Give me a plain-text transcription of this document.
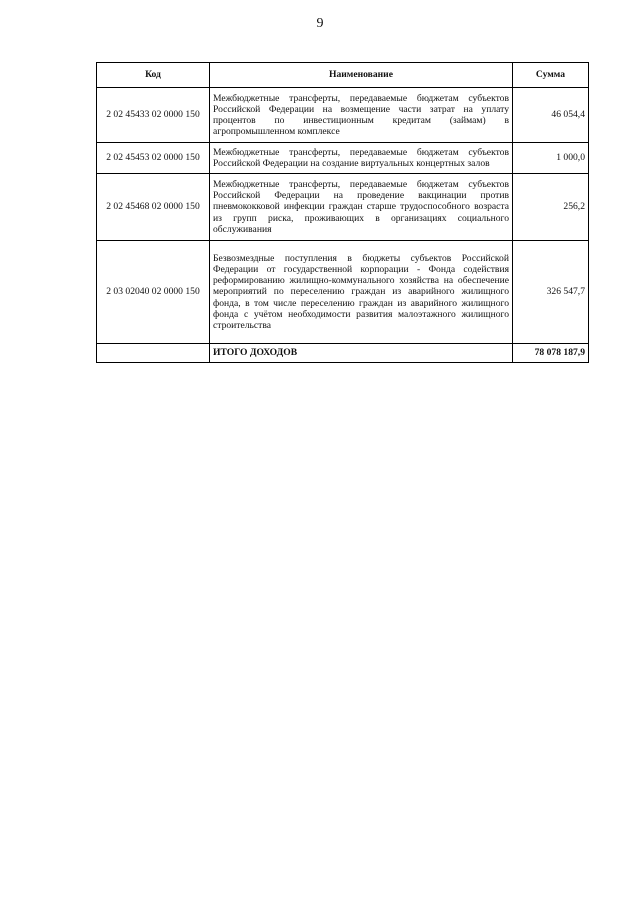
9
Код	Наименование	Сумма
2 02 45433 02 0000 150	Межбюджетные трансферты, передаваемые бюджетам субъектов Российской Федерации на возмещение части затрат на уплату процентов по инвестиционным кредитам (займам) в агропромышленном комплексе	46 054,4
2 02 45453 02 0000 150	Межбюджетные трансферты, передаваемые бюджетам субъектов Российской Федерации на создание виртуальных концертных залов	1 000,0
2 02 45468 02 0000 150	Межбюджетные трансферты, передаваемые бюджетам субъектов Российской Федерации на проведение вакцинации против пневмококковой инфекции граждан старше трудоспособного возраста из групп риска, проживающих в организациях социального обслуживания	256,2
2 03 02040 02 0000 150	Безвозмездные поступления в бюджеты субъектов Российской Федерации от государственной корпорации - Фонда содействия реформированию жилищно-коммунального хозяйства на обеспечение мероприятий по переселению граждан из аварийного жилищного фонда, в том числе переселению граждан из аварийного жилищного фонда с учётом необходимости развития малоэтажного жилищного строительства	326 547,7
	ИТОГО ДОХОДОВ	78 078 187,9
